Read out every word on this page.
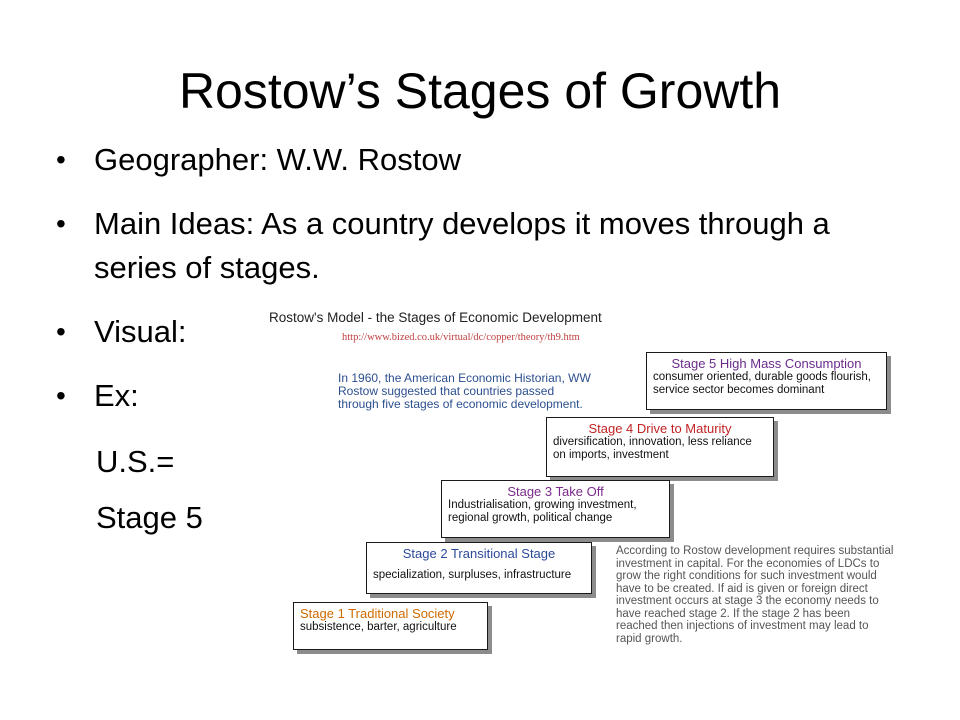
Rostow’s Stages of Growth
• Geographer: W.W. Rostow
• Main Ideas: As a country develops it moves through a series of stages.
• Visual:
• Ex:
U.S.=
Stage 5
Rostow's Model - the Stages of Economic Development
http://www.bized.co.uk/virtual/dc/copper/theory/th9.htm
In 1960, the American Economic Historian, WW Rostow suggested that countries passed through five stages of economic development.
Stage 5 High Mass Consumption
consumer oriented, durable goods flourish, service sector becomes dominant
Stage 4 Drive to Maturity
diversification, innovation, less reliance on imports, investment
Stage 3 Take Off
Industrialisation, growing investment, regional growth, political change
Stage 2 Transitional Stage
specialization, surpluses, infrastructure
Stage 1 Traditional Society
subsistence, barter, agriculture
According to Rostow development requires substantial investment in capital. For the economies of LDCs to grow the right conditions for such investment would have to be created. If aid is given or foreign direct investment occurs at stage 3 the economy needs to have reached stage 2. If the stage 2 has been reached then injections of investment may lead to rapid growth.
